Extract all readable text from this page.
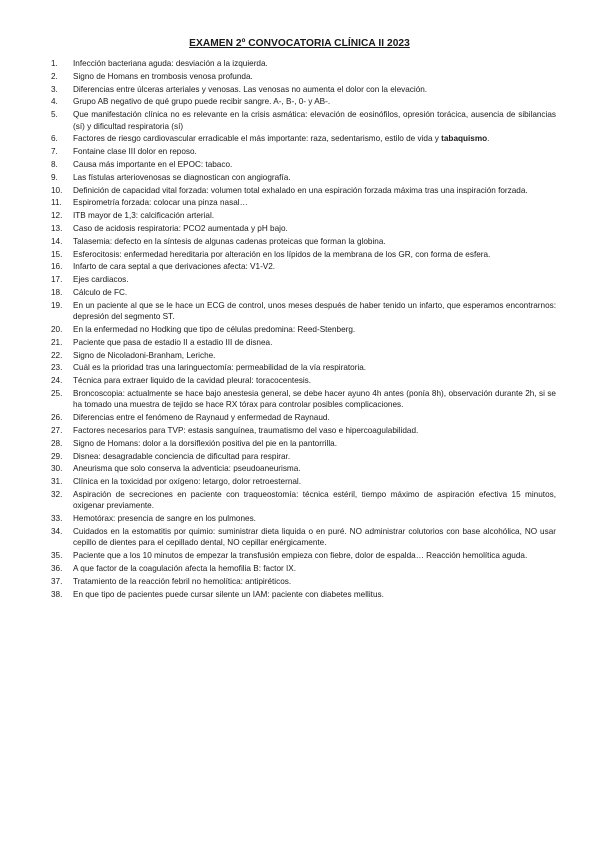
EXAMEN 2º CONVOCATORIA CLÍNICA II 2023
1. Infección bacteriana aguda: desviación a la izquierda.
2. Signo de Homans en trombosis venosa profunda.
3. Diferencias entre úlceras arteriales y venosas. Las venosas no aumenta el dolor con la elevación.
4. Grupo AB negativo de qué grupo puede recibir sangre. A-, B-, 0- y AB-.
5. Que manifestación clínica no es relevante en la crisis asmática: elevación de eosinófilos, opresión torácica, ausencia de sibilancias (sí) y dificultad respiratoria (sí)
6. Factores de riesgo cardiovascular erradicable el más importante: raza, sedentarismo, estilo de vida y tabaquismo.
7. Fontaine clase III dolor en reposo.
8. Causa más importante en el EPOC: tabaco.
9. Las fístulas arteriovenosas se diagnostican con angiografía.
10. Definición de capacidad vital forzada: volumen total exhalado en una espiración forzada máxima tras una inspiración forzada.
11. Espirometría forzada: colocar una pinza nasal…
12. ITB mayor de 1,3: calcificación arterial.
13. Caso de acidosis respiratoria: PCO2 aumentada y pH bajo.
14. Talasemia: defecto en la síntesis de algunas cadenas proteicas que forman la globina.
15. Esferocitosis: enfermedad hereditaria por alteración en los lípidos de la membrana de los GR, con forma de esfera.
16. Infarto de cara septal a que derivaciones afecta: V1-V2.
17. Ejes cardiacos.
18. Cálculo de FC.
19. En un paciente al que se le hace un ECG de control, unos meses después de haber tenido un infarto, que esperamos encontrarnos: depresión del segmento ST.
20. En la enfermedad no Hodking que tipo de células predomina: Reed-Stenberg.
21. Paciente que pasa de estadio II a estadio III de disnea.
22. Signo de Nicoladoni-Branham, Leriche.
23. Cuál es la prioridad tras una laringuectomía: permeabilidad de la vía respiratoria.
24. Técnica para extraer liquido de la cavidad pleural: toracocentesis.
25. Broncoscopia: actualmente se hace bajo anestesia general, se debe hacer ayuno 4h antes (ponía 8h), observación durante 2h, si se ha tomado una muestra de tejido se hace RX tórax para controlar posibles complicaciones.
26. Diferencias entre el fenómeno de Raynaud y enfermedad de Raynaud.
27. Factores necesarios para TVP: estasis sanguínea, traumatismo del vaso e hipercoagulabilidad.
28. Signo de Homans: dolor a la dorsiflexión positiva del pie en la pantorrilla.
29. Disnea: desagradable conciencia de dificultad para respirar.
30. Aneurisma que solo conserva la adventicia: pseudoaneurisma.
31. Clínica en la toxicidad por oxígeno: letargo, dolor retroesternal.
32. Aspiración de secreciones en paciente con traqueostomía: técnica estéril, tiempo máximo de aspiración efectiva 15 minutos, oxigenar previamente.
33. Hemotórax: presencia de sangre en los pulmones.
34. Cuidados en la estomatitis por quimio: suministrar dieta liquida o en puré. NO administrar colutorios con base alcohólica, NO usar cepillo de dientes para el cepillado dental, NO cepillar enérgicamente.
35. Paciente que a los 10 minutos de empezar la transfusión empieza con fiebre, dolor de espalda… Reacción hemolítica aguda.
36. A que factor de la coagulación afecta la hemofilia B: factor IX.
37. Tratamiento de la reacción febril no hemolítica: antipiréticos.
38. En que tipo de pacientes puede cursar silente un IAM: paciente con diabetes mellitus.
